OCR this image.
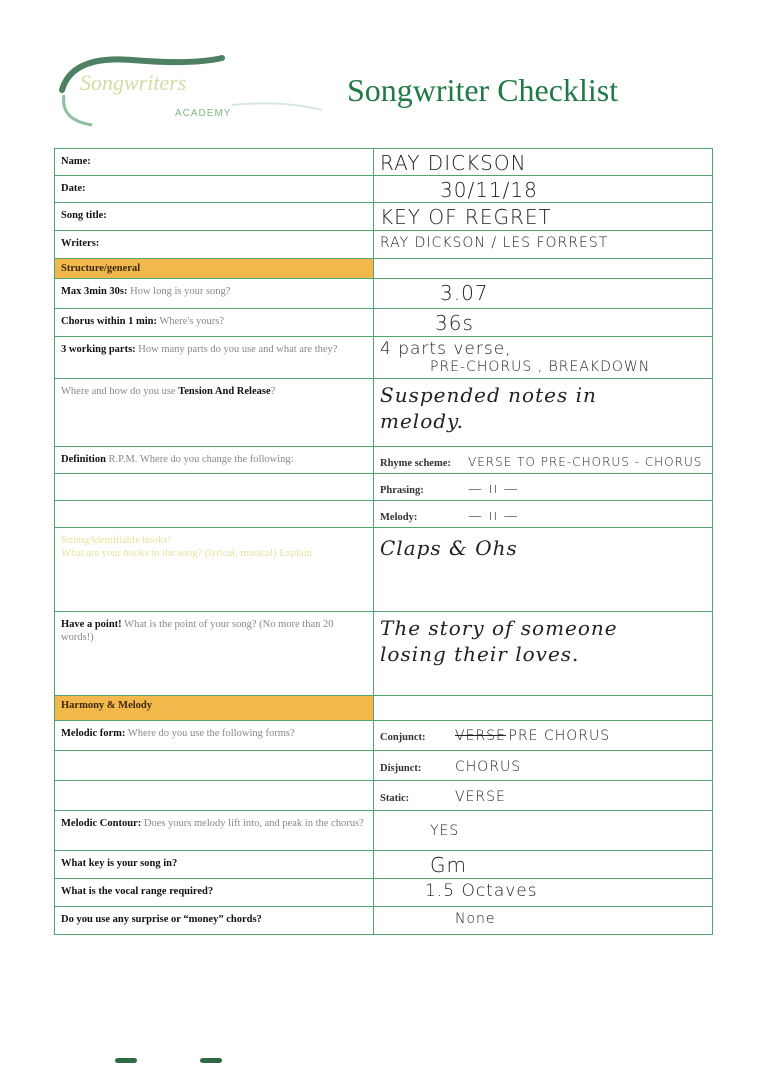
Songwriters
ACADEMY
Songwriter Checklist
Name:	RAY DICKSON

Date:	30/11/18

Song title:	KEY OF REGRET

Writers:	RAY DICKSON / LES FORREST

Structure/general	
Max 3min 30s: How long is your song?	3.07

Chorus within 1 min: Where's yours?	36s

3 working parts: How many parts do you use and what are they?	4 parts verse,
PRE-CHORUS , BREAKDOWN

Where and how do you use Tension And Release?	Suspended notes in
melody.

Definition R.P.M. Where do you change the following:	Rhyme scheme: VERSE TO PRE-CHORUS - CHORUS

	Phrasing: — ıı —

	Melody: — ıı —

Strong/identifiable hooks!
What are your hooks in the song? (lyrical, musical) Explain	Claps & Ohs

Have a point! What is the point of your song? (No more than 20 words!)	The story of someone
losing their loves.

Harmony & Melody	
Melodic form: Where do you use the following forms?	Conjunct: VERSE
PRE CHORUS

	Disjunct: CHORUS

	Static: VERSE

Melodic Contour: Does yours melody lift into, and peak in the chorus?	YES

What key is your song in?	Gm

What is the vocal range required?	1.5 Octaves

Do you use any surprise or “money” chords?	None
